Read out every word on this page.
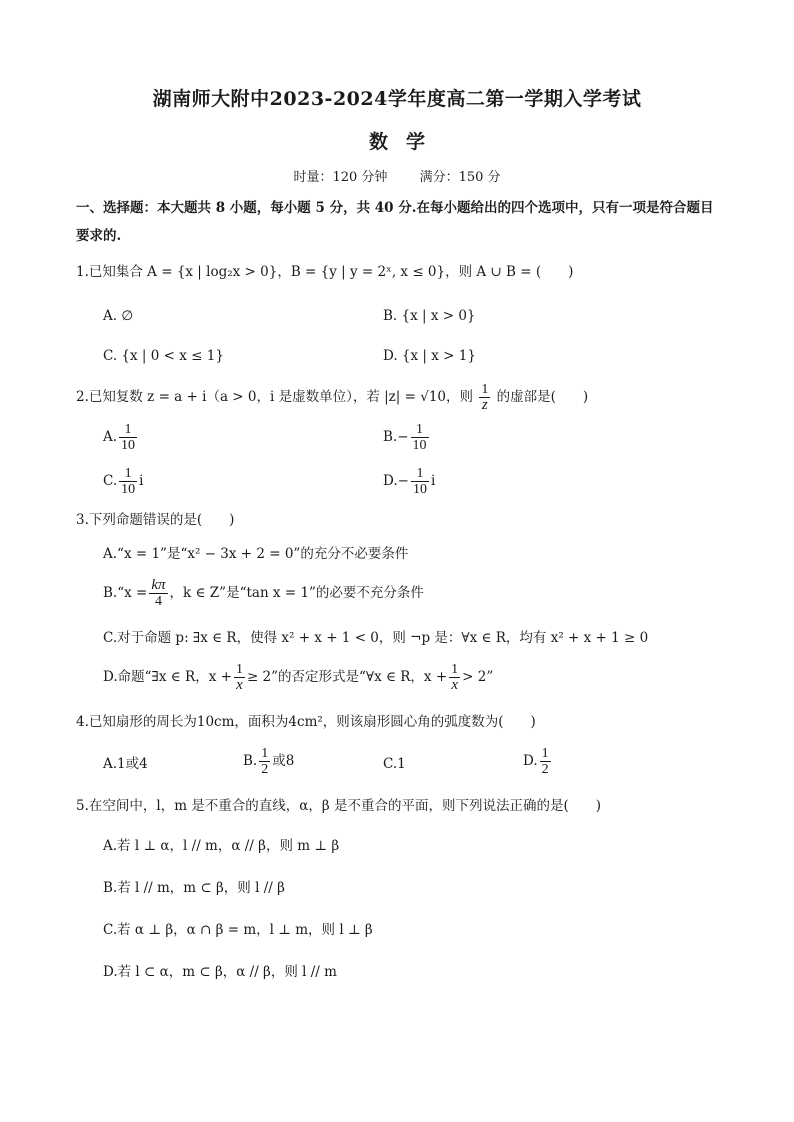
湖南师大附中2023-2024学年度高二第一学期入学考试
数学
时量：120 分钟 满分：150 分
一、选择题：本大题共 8 小题，每小题 5 分，共 40 分.在每小题给出的四个选项中，只有一项是符合题目要求的.
1.已知集合 A = {x | log₂x > 0}，B = {y | y = 2ˣ, x ≤ 0}，则 A ∪ B = (　　)
A. ∅	B. {x | x > 0}
C. {x | 0 < x ≤ 1}	D. {x | x > 1}
2.已知复数 z = a + i（a > 0，i 是虚数单位），若 |z| = √10，则 $\frac{1}{z}$ 的虚部是(　　)
A. $\frac{1}{10}$	$B.- \frac{1}{10}$
C. $\frac{1}{10}$ i	$D.- \frac{1}{10}$ i
3.下列命题错误的是(　　)
A.“x = 1”是“x² − 3x + 2 = 0”的充分不必要条件
B.“x = $\frac{k\pi}{4}$ ，k ∈ Z”是“tan x = 1”的必要不充分条件
C.对于命题 p: ∃x ∈ R，使得 x² + x + 1 < 0，则 ¬p 是：∀x ∈ R，均有 x² + x + 1 ≥ 0
D.命题“∃x ∈ R，$x + \frac{1}{x} \ge 2$”的否定形式是“∀x ∈ R，$x + \frac{1}{x} > 2$”
4.已知扇形的周长为10cm，面积为4cm²，则该扇形圆心角的弧度数为(　　)
A.1或4	B. $\frac{1}{2}$ 或8	C.1	D. $\frac{1}{2}$
5.在空间中，l，m 是不重合的直线，α，β 是不重合的平面，则下列说法正确的是(　　)
A.若 l ⊥ α，l // m，α // β，则 m ⊥ β
B.若 l // m，m ⊂ β，则 l // β
C.若 α ⊥ β，α ∩ β = m，l ⊥ m，则 l ⊥ β
D.若 l ⊂ α，m ⊂ β，α // β，则 l // m
